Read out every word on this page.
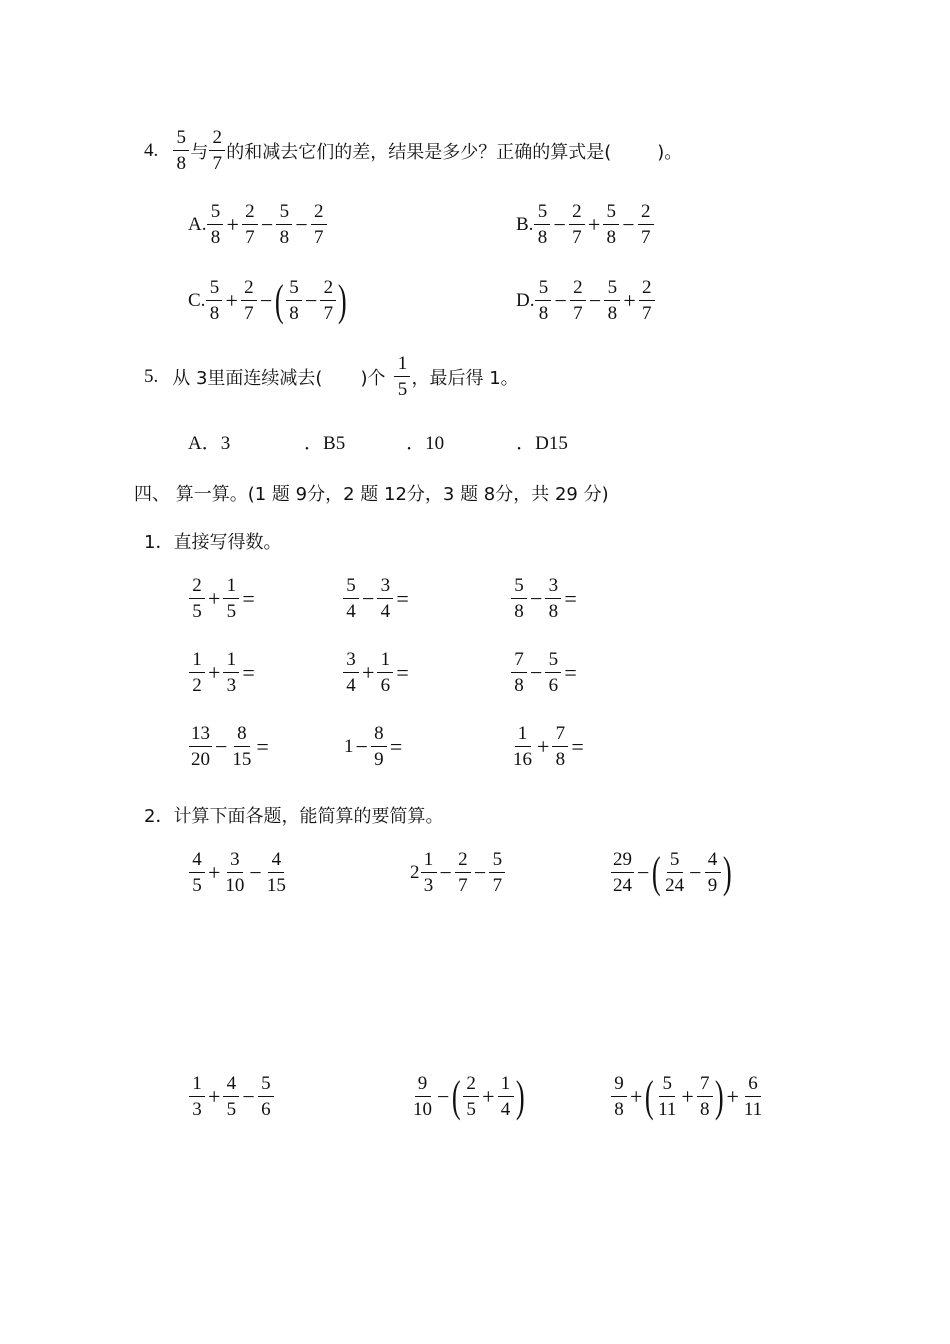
4. $\frac{5}{8}$ 与 $\frac{2}{7}$ 的和减去它们的差，结果是多少？正确的算式是(	)。
A. $\frac{5}{8} + \frac{2}{7} - \frac{5}{8} - \frac{2}{7}$	B. $\frac{5}{8} - \frac{2}{7} + \frac{5}{8} - \frac{2}{7}$
C. $\frac{5}{8} + \frac{2}{7}$ − ( $\frac{5}{8} - \frac{2}{7}$ )	D. $\frac{5}{8} - \frac{2}{7} - \frac{5}{8} + \frac{2}{7}$
5. 从 3里面连续减去( )个 $\frac{1}{5}$ ，最后得 1。
A．3	．B5	．10	．D15
四、 算一算。(1 题 9分，2 题 12分，3 题 8分，共 29 分)
1．直接写得数。
$\frac{2}{5} + \frac{1}{5}$ =	$\frac{5}{4} - \frac{3}{4}$ =	$\frac{5}{8} - \frac{3}{8}$ =
$\frac{1}{2} + \frac{1}{3}$ =	$\frac{3}{4} + \frac{1}{6}$ =	$\frac{7}{8} - \frac{5}{6}$ =
$\frac{13}{20} - \frac{8}{15}$ =	$1 - \frac{8}{9}$ =	$\frac{1}{16} + \frac{7}{8}$ =
2．计算下面各题，能简算的要简算。
$\frac{4}{5} + \frac{3}{10} - \frac{4}{15}$	$2 \frac{1}{3} - \frac{2}{7} - \frac{5}{7}$	$\frac{29}{24}$ − ( $\frac{5}{24} - \frac{4}{9}$ )
$\frac{1}{3} + \frac{4}{5} - \frac{5}{6}$	$\frac{9}{10}$ − ( $\frac{2}{5} + \frac{1}{4}$ )	$\frac{9}{8}$ + ( $\frac{5}{11} + \frac{7}{8}$ ) + $\frac{6}{11}$
